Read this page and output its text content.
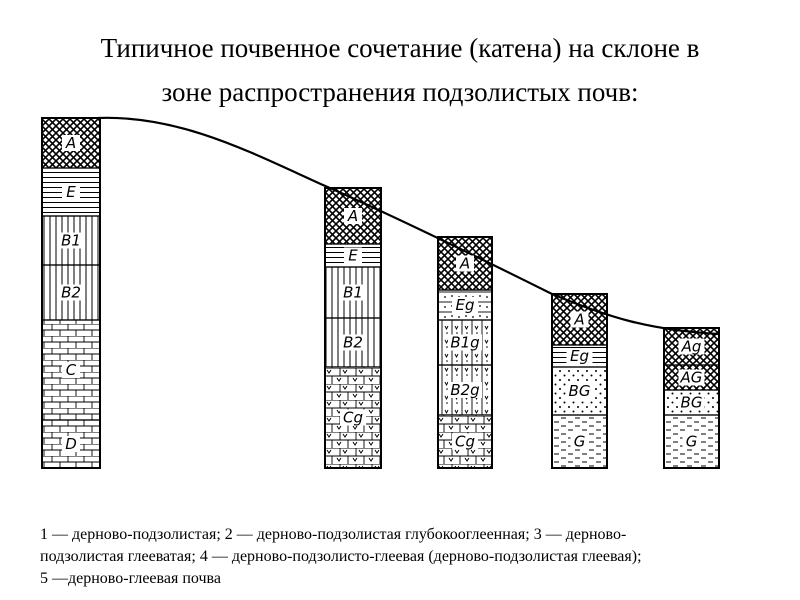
Типичное почвенное сочетание (катена) на склоне в
зоне распространения подзолистых почв:
A
E
B1
B2
C
D
A
E
B1
B2
Cg
A
Eg
B1g
B2g
Cg
A
Eg
BG
G
Ag
AG
BG
G
1 — дерново-подзолистая; 2 — дерново-подзолистая глубокооглеенная; 3 — дерново-
подзолистая глееватая; 4 — дерново-подзолисто-глеевая (дерново-подзолистая глеевая);
5 —дерново-глеевая почва
